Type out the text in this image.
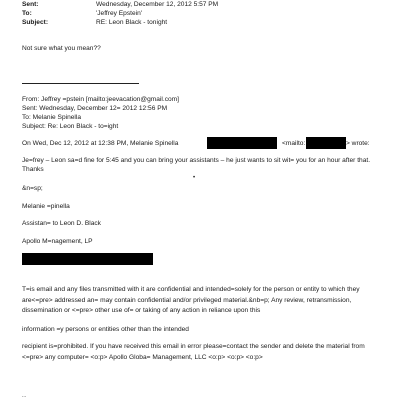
Sent:	Wednesday, December 12, 2012 5:57 PM
To:	'Jeffrey Epstein'
Subject:	RE: Leon Black - tonight
Not sure what you mean??
From: Jeffrey =pstein [mailto:jeevacation@gmail.com]
Sent: Wednesday, December 12= 2012 12:56 PM
To: Melanie Spinella
Subject: Re: Leon Black - to=ight
On Wed, Dec 12, 2012 at 12:38 PM, Melanie Spinella	<mailto:	> wrote:
Je=frey – Leon sa=d fine for 5:45 and you can bring your assistants – he just wants to sit wit= you for an hour after that.
Thanks
•
&n=sp;
Melanie =pinella
Assistan= to Leon D. Black
Apollo M=nagement, LP
T=is email and any files transmitted with it are confidential and intended=solely for the person or entity to which they are<=pre> addressed an= may contain confidential and/or privileged material.&nb=p; Any review, retransmission, dissemination or <=pre> other use of= or taking of any action in reliance upon this
information =y persons or entities other than the intended
recipient is=prohibited. If you have received this email in error please=contact the sender and delete the material from <=pre> any computer= <o:p> Apollo Globa= Management, LLC <o:p> <o:p> <o:p>
...
